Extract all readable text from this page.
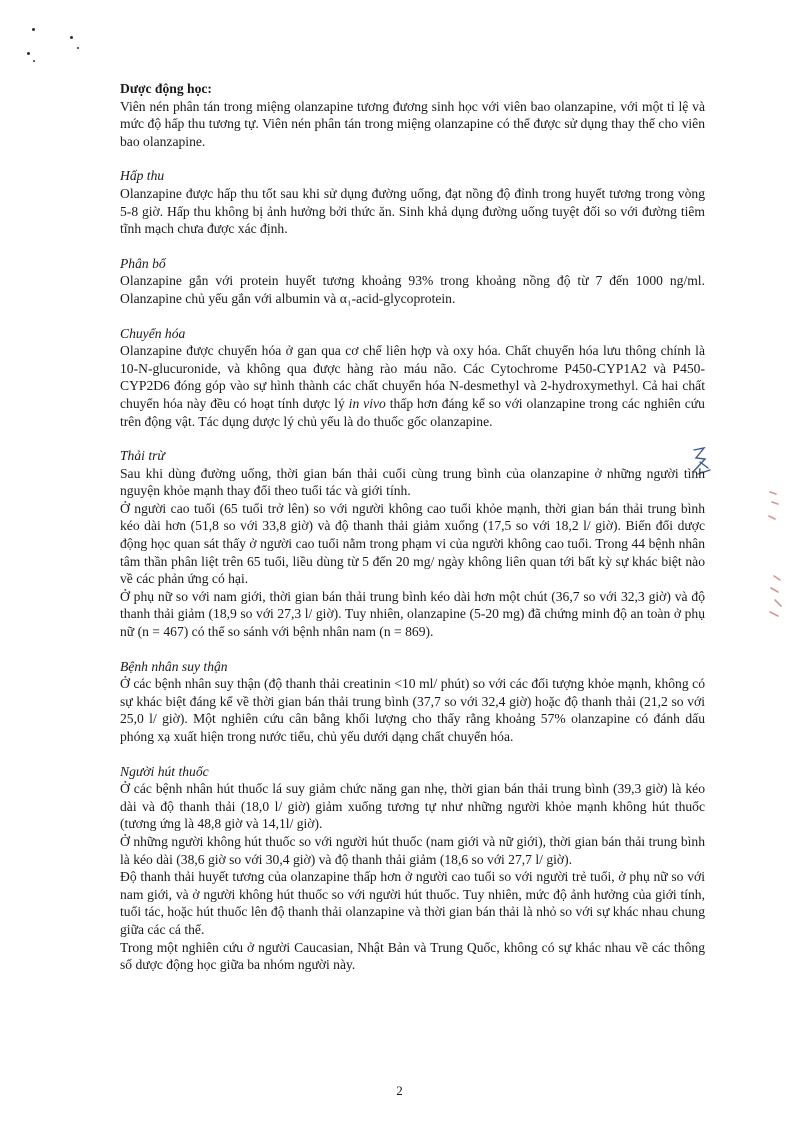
Dược động học:

Viên nén phân tán trong miệng olanzapine tương đương sinh học với viên bao olanzapine, với một tỉ lệ và mức độ hấp thu tương tự. Viên nén phân tán trong miệng olanzapine có thể được sử dụng thay thế cho viên bao olanzapine.

Hấp thu

Olanzapine được hấp thu tốt sau khi sử dụng đường uống, đạt nồng độ đỉnh trong huyết tương trong vòng 5-8 giờ. Hấp thu không bị ảnh hưởng bởi thức ăn. Sinh khả dụng đường uống tuyệt đối so với đường tiêm tĩnh mạch chưa được xác định.

Phân bố

Olanzapine gắn với protein huyết tương khoảng 93% trong khoảng nồng độ từ 7 đến 1000 ng/ml. Olanzapine chủ yếu gắn với albumin và α₁-acid-glycoprotein.

Chuyển hóa

Olanzapine được chuyển hóa ở gan qua cơ chế liên hợp và oxy hóa. Chất chuyển hóa lưu thông chính là 10-N-glucuronide, và không qua được hàng rào máu não. Các Cytochrome P450-CYP1A2 và P450-CYP2D6 đóng góp vào sự hình thành các chất chuyển hóa N-desmethyl và 2-hydroxymethyl. Cả hai chất chuyển hóa này đều có hoạt tính dược lý in vivo thấp hơn đáng kể so với olanzapine trong các nghiên cứu trên động vật. Tác dụng dược lý chủ yếu là do thuốc gốc olanzapine.

Thải trừ

Sau khi dùng đường uống, thời gian bán thải cuối cùng trung bình của olanzapine ở những người tình nguyện khỏe mạnh thay đổi theo tuổi tác và giới tính.

Ở người cao tuổi (65 tuổi trở lên) so với người không cao tuổi khỏe mạnh, thời gian bán thải trung bình kéo dài hơn (51,8 so với 33,8 giờ) và độ thanh thải giảm xuống (17,5 so với 18,2 l/ giờ). Biến đổi dược động học quan sát thấy ở người cao tuổi nằm trong phạm vi của người không cao tuổi. Trong 44 bệnh nhân tâm thần phân liệt trên 65 tuổi, liều dùng từ 5 đến 20 mg/ ngày không liên quan tới bất kỳ sự khác biệt nào về các phản ứng có hại.

Ở phụ nữ so với nam giới, thời gian bán thải trung bình kéo dài hơn một chút (36,7 so với 32,3 giờ) và độ thanh thải giảm (18,9 so với 27,3 l/ giờ). Tuy nhiên, olanzapine (5-20 mg) đã chứng minh độ an toàn ở phụ nữ (n = 467) có thể so sánh với bệnh nhân nam (n = 869).

Bệnh nhân suy thận

Ở các bệnh nhân suy thận (độ thanh thải creatinin <10 ml/ phút) so với các đối tượng khỏe mạnh, không có sự khác biệt đáng kể về thời gian bán thải trung bình (37,7 so với 32,4 giờ) hoặc độ thanh thải (21,2 so với 25,0 l/ giờ). Một nghiên cứu cân bằng khối lượng cho thấy rằng khoảng 57% olanzapine có đánh dấu phóng xạ xuất hiện trong nước tiểu, chủ yếu dưới dạng chất chuyển hóa.

Người hút thuốc

Ở các bệnh nhân hút thuốc lá suy giảm chức năng gan nhẹ, thời gian bán thải trung bình (39,3 giờ) là kéo dài và độ thanh thải (18,0 l/ giờ) giảm xuống tương tự như những người khỏe mạnh không hút thuốc (tương ứng là 48,8 giờ và 14,1l/ giờ).

Ở những người không hút thuốc so với người hút thuốc (nam giới và nữ giới), thời gian bán thải trung bình là kéo dài (38,6 giờ so với 30,4 giờ) và độ thanh thải giảm (18,6 so với 27,7 l/ giờ).

Độ thanh thải huyết tương của olanzapine thấp hơn ở người cao tuổi so với người trẻ tuổi, ở phụ nữ so với nam giới, và ở người không hút thuốc so với người hút thuốc. Tuy nhiên, mức độ ảnh hưởng của giới tính, tuổi tác, hoặc hút thuốc lên độ thanh thải olanzapine và thời gian bán thải là nhỏ so với sự khác nhau chung giữa các cá thể.

Trong một nghiên cứu ở người Caucasian, Nhật Bản và Trung Quốc, không có sự khác nhau về các thông số dược động học giữa ba nhóm người này.

2
